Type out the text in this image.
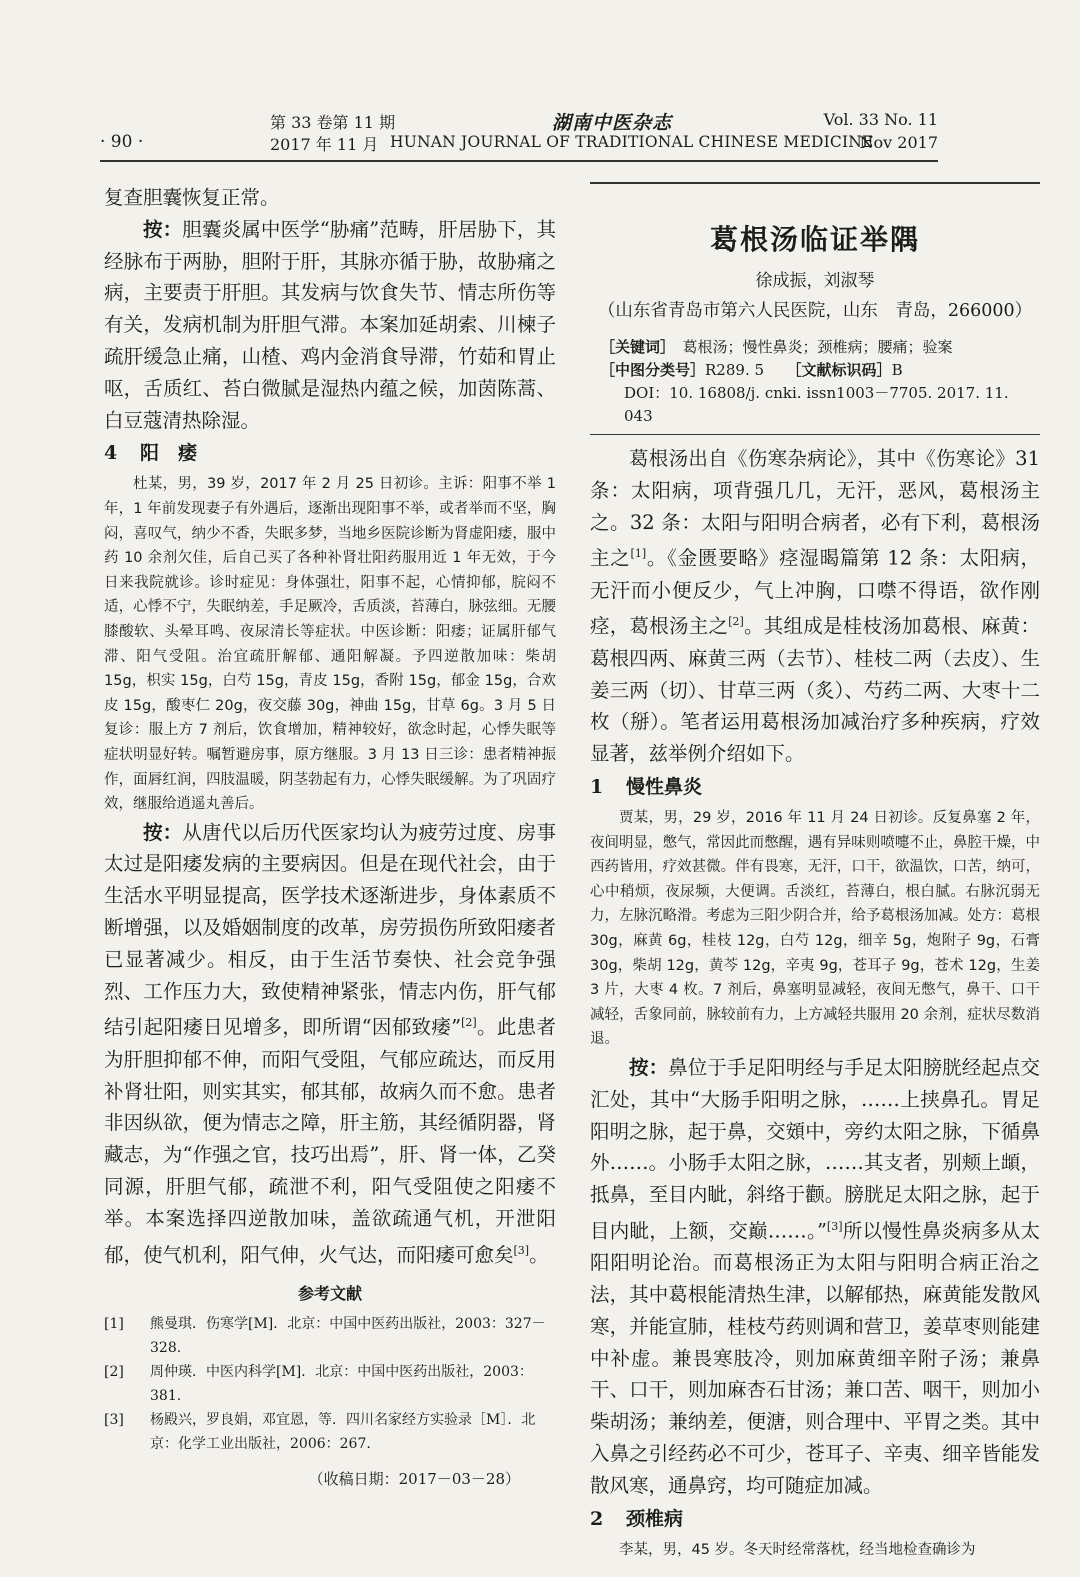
· 90 ·
第 33 卷第 11 期
2017 年 11 月
湖南中医杂志
HUNAN JOURNAL OF TRADITIONAL CHINESE MEDICINE
Vol. 33 No. 11
Nov 2017

复查胆囊恢复正常。

按：胆囊炎属中医学“胁痛”范畴，肝居胁下，其经脉布于两胁，胆附于肝，其脉亦循于胁，故胁痛之病，主要责于肝胆。其发病与饮食失节、情志所伤等有关，发病机制为肝胆气滞。本案加延胡索、川楝子疏肝缓急止痛，山楂、鸡内金消食导滞，竹茹和胃止呕，舌质红、苔白微腻是湿热内蕴之候，加茵陈蒿、白豆蔻清热除湿。

4 阳　痿

杜某，男，39 岁，2017 年 2 月 25 日初诊。主诉：阳事不举 1 年，1 年前发现妻子有外遇后，逐渐出现阳事不举，或者举而不坚，胸闷，喜叹气，纳少不香，失眠多梦，当地乡医院诊断为肾虚阳痿，服中药 10 余剂欠佳，后自己买了各种补肾壮阳药服用近 1 年无效，于今日来我院就诊。诊时症见：身体强壮，阳事不起，心情抑郁，脘闷不适，心悸不宁，失眠纳差，手足厥冷，舌质淡，苔薄白，脉弦细。无腰膝酸软、头晕耳鸣、夜尿清长等症状。中医诊断：阳痿；证属肝郁气滞、阳气受阻。治宜疏肝解郁、通阳解凝。予四逆散加味：柴胡 15g，枳实 15g，白芍 15g，青皮 15g，香附 15g，郁金 15g，合欢皮 15g，酸枣仁 20g，夜交藤 30g，神曲 15g，甘草 6g。3 月 5 日复诊：服上方 7 剂后，饮食增加，精神较好，欲念时起，心悸失眠等症状明显好转。嘱暂避房事，原方继服。3 月 13 日三诊：患者精神振作，面唇红润，四肢温暖，阴茎勃起有力，心悸失眠缓解。为了巩固疗效，继服给逍遥丸善后。

按：从唐代以后历代医家均认为疲劳过度、房事太过是阳痿发病的主要病因。但是在现代社会，由于生活水平明显提高，医学技术逐渐进步，身体素质不断增强，以及婚姻制度的改革，房劳损伤所致阳痿者已显著减少。相反，由于生活节奏快、社会竞争强烈、工作压力大，致使精神紧张，情志内伤，肝气郁结引起阳痿日见增多，即所谓“因郁致痿”[2]。此患者为肝胆抑郁不伸，而阳气受阻，气郁应疏达，而反用补肾壮阳，则实其实，郁其郁，故病久而不愈。患者非因纵欲，便为情志之障，肝主筋，其经循阴器，肾藏志，为“作强之官，技巧出焉”，肝、肾一体，乙癸同源，肝胆气郁，疏泄不利，阳气受阻使之阳痿不举。本案选择四逆散加味，盖欲疏通气机，开泄阳郁，使气机利，阳气伸，火气达，而阳痿可愈矣[3]。

参考文献
[1]	熊曼琪．伤寒学[M]．北京：中国中医药出版社，2003：327－328.
[2]	周仲瑛．中医内科学[M]．北京：中国中医药出版社，2003：381.
[3]	杨殿兴，罗良娟，邓宜恩，等．四川名家经方实验录［M］．北京：化学工业出版社，2006：267.
（收稿日期：2017－03－28）
葛根汤临证举隅
徐成振，刘淑琴
（山东省青岛市第六人民医院，山东　青岛，266000）
［关键词］　 葛根汤；慢性鼻炎；颈椎病；腰痛；验案
［中图分类号］R289. 5　　 ［文献标识码］B
DOI：10. 16808/j. cnki. issn1003－7705. 2017. 11. 043

葛根汤出自《伤寒杂病论》，其中《伤寒论》31 条：太阳病，项背强几几，无汗，恶风，葛根汤主之。32 条：太阳与阳明合病者，必有下利，葛根汤主之[1]。《金匮要略》痉湿暍篇第 12 条：太阳病，无汗而小便反少，气上冲胸，口噤不得语，欲作刚痉，葛根汤主之[2]。其组成是桂枝汤加葛根、麻黄：葛根四两、麻黄三两（去节）、桂枝二两（去皮）、生姜三两（切）、甘草三两（炙）、芍药二两、大枣十二枚（掰）。笔者运用葛根汤加减治疗多种疾病，疗效显著，兹举例介绍如下。

1 慢性鼻炎

贾某，男，29 岁，2016 年 11 月 24 日初诊。反复鼻塞 2 年，夜间明显，憋气，常因此而憋醒，遇有异味则喷嚏不止，鼻腔干燥，中西药皆用，疗效甚微。伴有畏寒，无汗，口干，欲温饮，口苦，纳可，心中稍烦，夜尿频，大便调。舌淡红，苔薄白，根白腻。右脉沉弱无力，左脉沉略滑。考虑为三阳少阴合并，给予葛根汤加减。处方：葛根 30g，麻黄 6g，桂枝 12g，白芍 12g，细辛 5g，炮附子 9g，石膏 30g，柴胡 12g，黄芩 12g，辛夷 9g，苍耳子 9g，苍术 12g，生姜 3 片，大枣 4 枚。7 剂后，鼻塞明显减轻，夜间无憋气，鼻干、口干减轻，舌象同前，脉较前有力，上方减轻共服用 20 余剂，症状尽数消退。

按：鼻位于手足阳明经与手足太阳膀胱经起点交汇处，其中“大肠手阳明之脉，……上挟鼻孔。胃足阳明之脉，起于鼻，交頞中，旁约太阳之脉，下循鼻外……。小肠手太阳之脉，……其支者，别颊上䪼，抵鼻，至目内眦，斜络于颧。膀胱足太阳之脉，起于目内眦，上额，交巅……。”[3]所以慢性鼻炎病多从太阳阳明论治。而葛根汤正为太阳与阳明合病正治之法，其中葛根能清热生津，以解郁热，麻黄能发散风寒，并能宣肺，桂枝芍药则调和营卫，姜草枣则能建中补虚。兼畏寒肢冷，则加麻黄细辛附子汤；兼鼻干、口干，则加麻杏石甘汤；兼口苦、咽干，则加小柴胡汤；兼纳差，便溏，则合理中、平胃之类。其中入鼻之引经药必不可少，苍耳子、辛夷、细辛皆能发散风寒，通鼻窍，均可随症加减。

2 颈椎病

李某，男，45 岁。冬天时经常落枕，经当地检查确诊为
